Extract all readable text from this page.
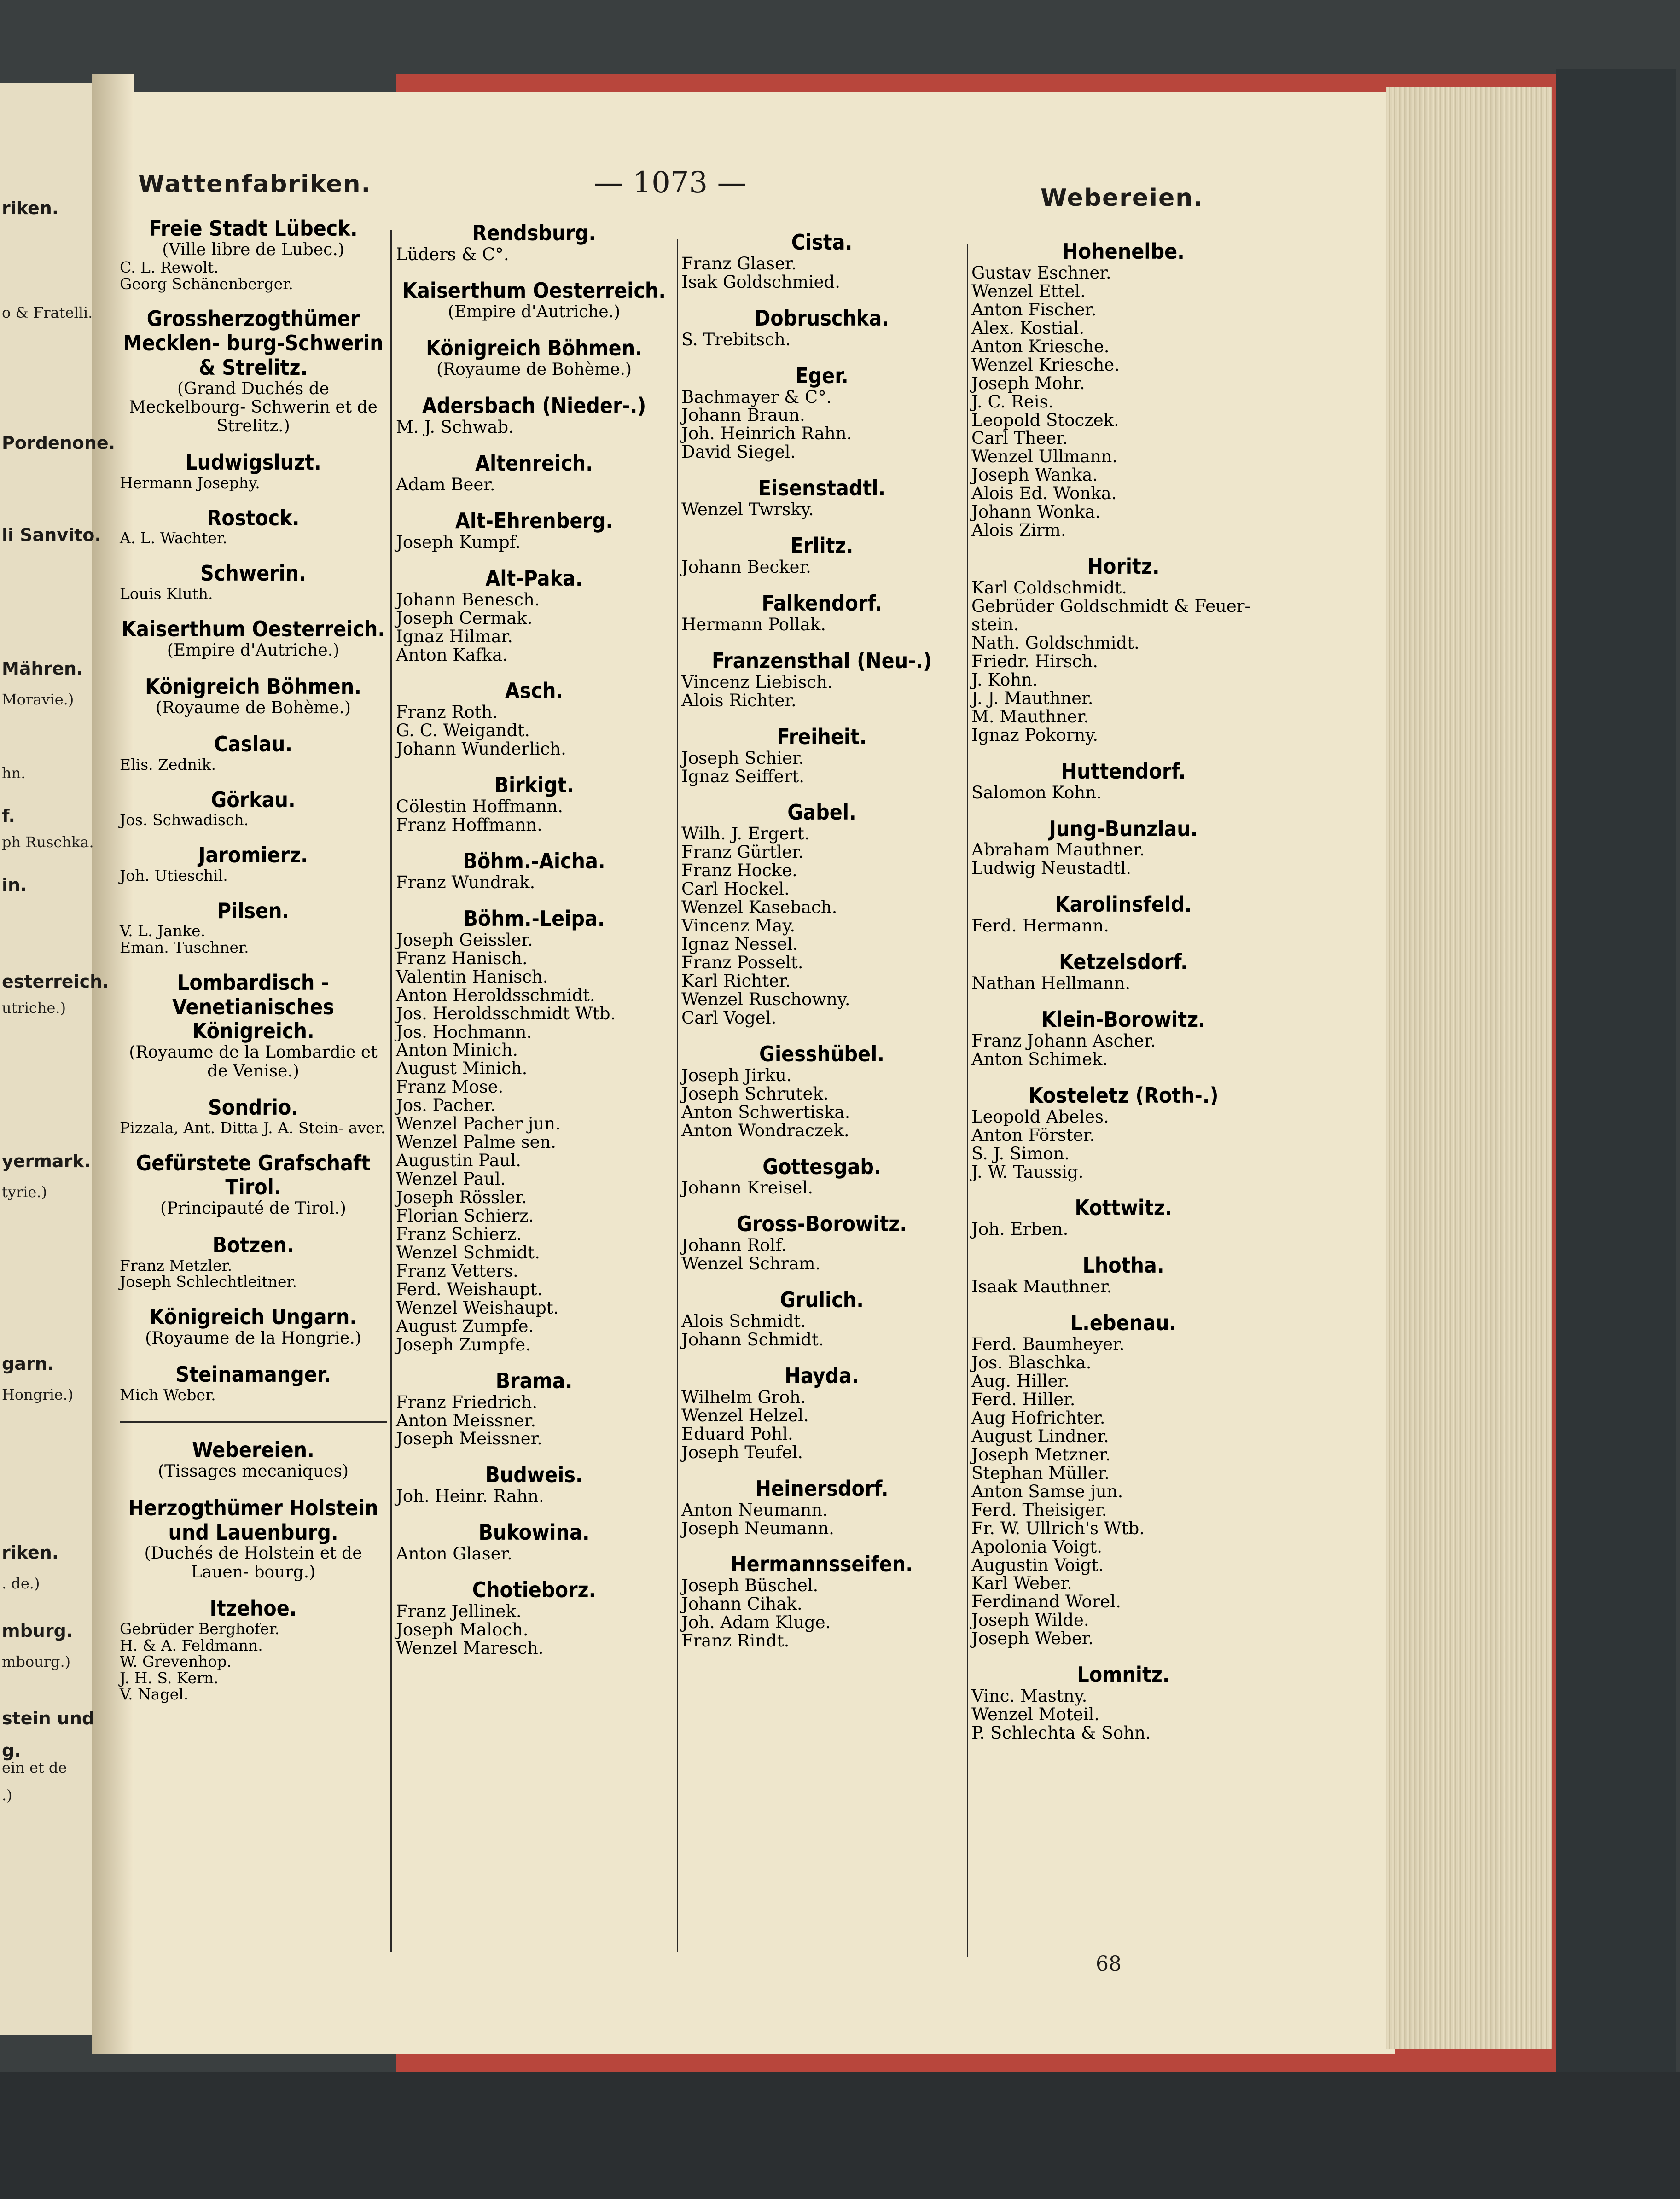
Wattenfabriken.	— 1073 —	Webereien.
riken.
o & Fratelli.
Pordenone.
li Sanvito.
Mähren.
Moravie.)
hn.
f.
ph Ruschka.
in.
esterreich.
utriche.)
yermark.
tyrie.)
garn.
Hongrie.)
riken.
. de.)
mburg.
mbourg.)
stein und
g.
ein et de
.)
Freie Stadt Lübeck.
(Ville libre de Lubec.)
C. L. Rewolt.
Georg Schänenberger.
Grossherzogthümer Mecklen- burg-Schwerin & Strelitz.
(Grand Duchés de Meckelbourg- Schwerin et de Strelitz.)
Ludwigsluzt.
Hermann Josephy.
Rostock.
A. L. Wachter.
Schwerin.
Louis Kluth.
Kaiserthum Oesterreich.
(Empire d'Autriche.)
Königreich Böhmen.
(Royaume de Bohème.)
Caslau.
Elis. Zednik.
Görkau.
Jos. Schwadisch.
Jaromierz.
Joh. Utieschil.
Pilsen.
V. L. Janke.
Eman. Tuschner.
Lombardisch - Venetianisches Königreich.
(Royaume de la Lombardie et de Venise.)
Sondrio.
Pizzala, Ant. Ditta J. A. Stein- aver.
Gefürstete Grafschaft Tirol.
(Principauté de Tirol.)
Botzen.
Franz Metzler.
Joseph Schlechtleitner.
Königreich Ungarn.
(Royaume de la Hongrie.)
Steinamanger.
Mich Weber.
Webereien.
(Tissages mecaniques)
Herzogthümer Holstein und Lauenburg.
(Duchés de Holstein et de Lauen- bourg.)
Itzehoe.
Gebrüder Berghofer.
H. & A. Feldmann.
W. Grevenhop.
J. H. S. Kern.
V. Nagel.
Rendsburg.
Lüders & C°.
Kaiserthum Oesterreich.
(Empire d'Autriche.)
Königreich Böhmen.
(Royaume de Bohème.)
Adersbach (Nieder-.)
M. J. Schwab.
Altenreich.
Adam Beer.
Alt-Ehrenberg.
Joseph Kumpf.
Alt-Paka.
Johann Benesch.
Joseph Cermak.
Ignaz Hilmar.
Anton Kafka.
Asch.
Franz Roth.
G. C. Weigandt.
Johann Wunderlich.
Birkigt.
Cölestin Hoffmann.
Franz Hoffmann.
Böhm.-Aicha.
Franz Wundrak.
Böhm.-Leipa.
Joseph Geissler.
Franz Hanisch.
Valentin Hanisch.
Anton Heroldsschmidt.
Jos. Heroldsschmidt Wtb.
Jos. Hochmann.
Anton Minich.
August Minich.
Franz Mose.
Jos. Pacher.
Wenzel Pacher jun.
Wenzel Palme sen.
Augustin Paul.
Wenzel Paul.
Joseph Rössler.
Florian Schierz.
Franz Schierz.
Wenzel Schmidt.
Franz Vetters.
Ferd. Weishaupt.
Wenzel Weishaupt.
August Zumpfe.
Joseph Zumpfe.
Brama.
Franz Friedrich.
Anton Meissner.
Joseph Meissner.
Budweis.
Joh. Heinr. Rahn.
Bukowina.
Anton Glaser.
Chotieborz.
Franz Jellinek.
Joseph Maloch.
Wenzel Maresch.
Cista.
Franz Glaser.
Isak Goldschmied.
Dobruschka.
S. Trebitsch.
Eger.
Bachmayer & C°.
Johann Braun.
Joh. Heinrich Rahn.
David Siegel.
Eisenstadtl.
Wenzel Twrsky.
Erlitz.
Johann Becker.
Falkendorf.
Hermann Pollak.
Franzensthal (Neu-.)
Vincenz Liebisch.
Alois Richter.
Freiheit.
Joseph Schier.
Ignaz Seiffert.
Gabel.
Wilh. J. Ergert.
Franz Gürtler.
Franz Hocke.
Carl Hockel.
Wenzel Kasebach.
Vincenz May.
Ignaz Nessel.
Franz Posselt.
Karl Richter.
Wenzel Ruschowny.
Carl Vogel.
Giesshübel.
Joseph Jirku.
Joseph Schrutek.
Anton Schwertiska.
Anton Wondraczek.
Gottesgab.
Johann Kreisel.
Gross-Borowitz.
Johann Rolf.
Wenzel Schram.
Grulich.
Alois Schmidt.
Johann Schmidt.
Hayda.
Wilhelm Groh.
Wenzel Helzel.
Eduard Pohl.
Joseph Teufel.
Heinersdorf.
Anton Neumann.
Joseph Neumann.
Hermannsseifen.
Joseph Büschel.
Johann Cihak.
Joh. Adam Kluge.
Franz Rindt.
Hohenelbe.
Gustav Eschner.
Wenzel Ettel.
Anton Fischer.
Alex. Kostial.
Anton Kriesche.
Wenzel Kriesche.
Joseph Mohr.
J. C. Reis.
Leopold Stoczek.
Carl Theer.
Wenzel Ullmann.
Joseph Wanka.
Alois Ed. Wonka.
Johann Wonka.
Alois Zirm.
Horitz.
Karl Coldschmidt.
Gebrüder Goldschmidt & Feuer- stein.
Nath. Goldschmidt.
Friedr. Hirsch.
J. Kohn.
J. J. Mauthner.
M. Mauthner.
Ignaz Pokorny.
Huttendorf.
Salomon Kohn.
Jung-Bunzlau.
Abraham Mauthner.
Ludwig Neustadtl.
Karolinsfeld.
Ferd. Hermann.
Ketzelsdorf.
Nathan Hellmann.
Klein-Borowitz.
Franz Johann Ascher.
Anton Schimek.
Kosteletz (Roth-.)
Leopold Abeles.
Anton Förster.
S. J. Simon.
J. W. Taussig.
Kottwitz.
Joh. Erben.
Lhotha.
Isaak Mauthner.
L.ebenau.
Ferd. Baumheyer.
Jos. Blaschka.
Aug. Hiller.
Ferd. Hiller.
Aug Hofrichter.
August Lindner.
Joseph Metzner.
Stephan Müller.
Anton Samse jun.
Ferd. Theisiger.
Fr. W. Ullrich's Wtb.
Apolonia Voigt.
Augustin Voigt.
Karl Weber.
Ferdinand Worel.
Joseph Wilde.
Joseph Weber.
Lomnitz.
Vinc. Mastny.
Wenzel Moteil.
P. Schlechta & Sohn.
68
